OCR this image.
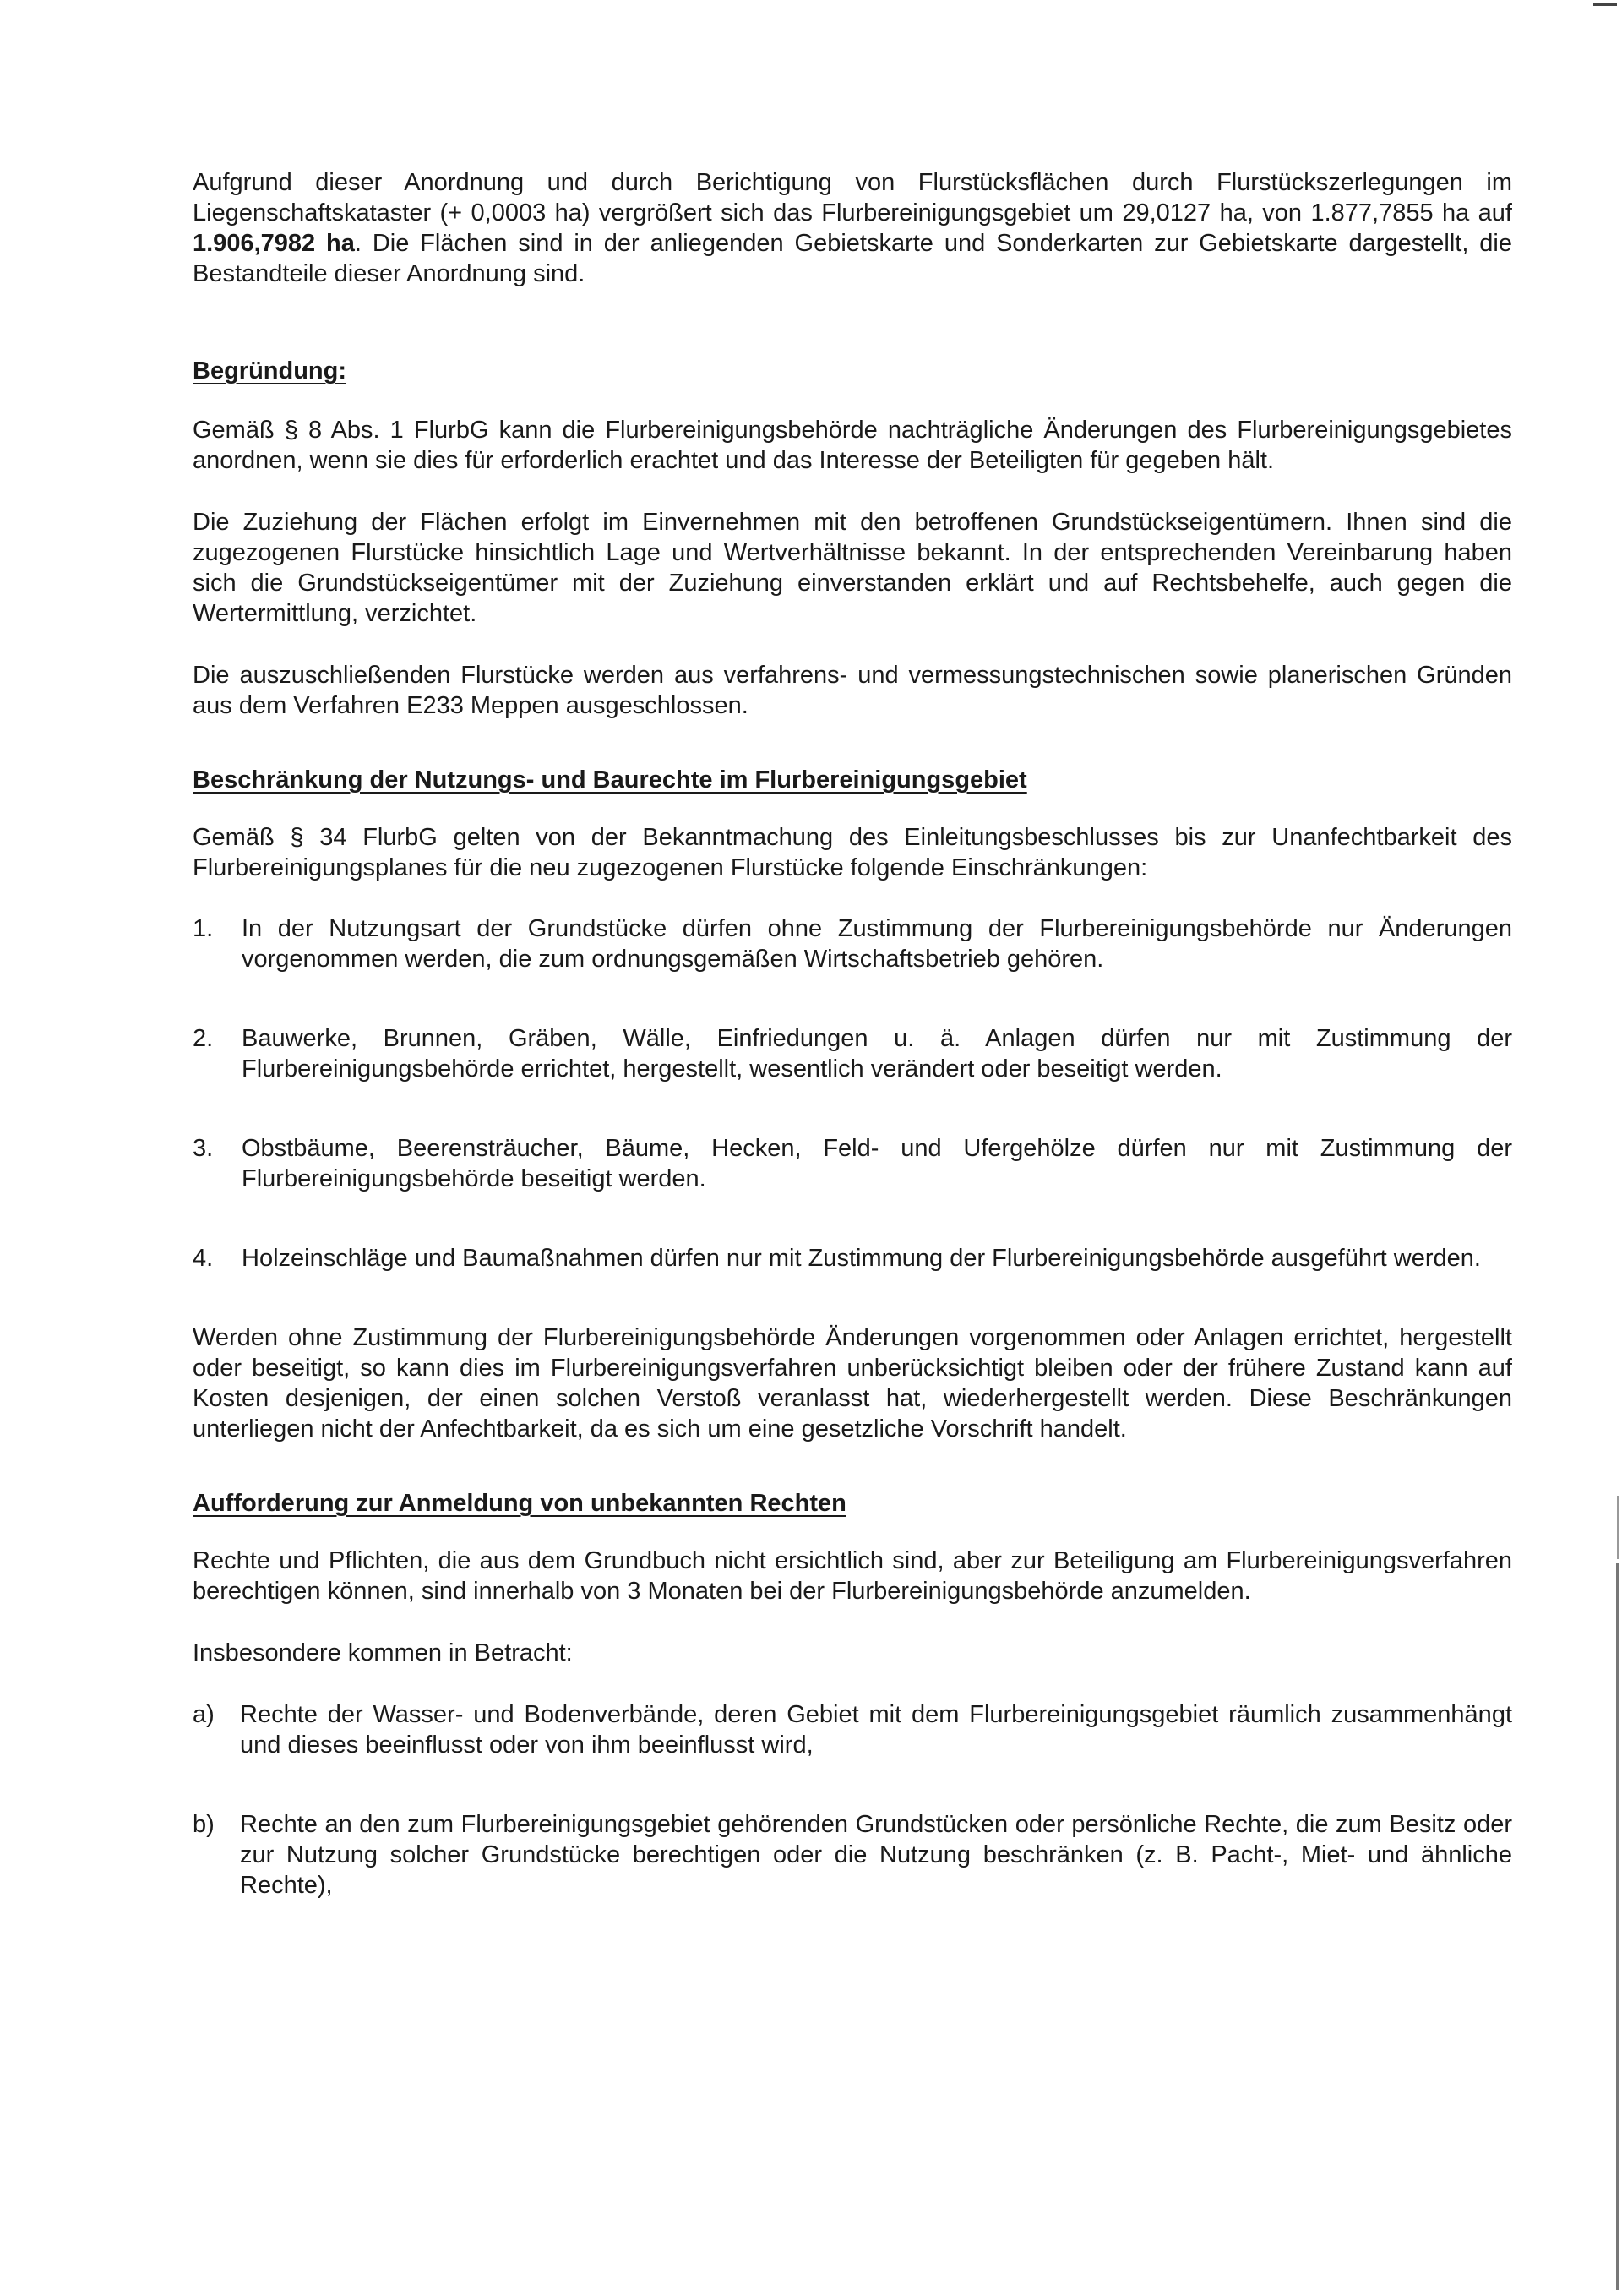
Aufgrund dieser Anordnung und durch Berichtigung von Flurstücksflächen durch Flurstückszerlegungen im Liegenschaftskataster (+ 0,0003 ha) vergrößert sich das Flurbereinigungsgebiet um 29,0127 ha, von 1.877,7855 ha auf 1.906,7982 ha. Die Flächen sind in der anliegenden Gebietskarte und Sonderkarten zur Gebietskarte dargestellt, die Bestandteile dieser Anordnung sind.

Begründung:

Gemäß § 8 Abs. 1 FlurbG kann die Flurbereinigungsbehörde nachträgliche Änderungen des Flurbereinigungsgebietes anordnen, wenn sie dies für erforderlich erachtet und das Interesse der Beteiligten für gegeben hält.

Die Zuziehung der Flächen erfolgt im Einvernehmen mit den betroffenen Grundstückseigentümern. Ihnen sind die zugezogenen Flurstücke hinsichtlich Lage und Wertverhältnisse bekannt. In der entsprechenden Vereinbarung haben sich die Grundstückseigentümer mit der Zuziehung einverstanden erklärt und auf Rechtsbehelfe, auch gegen die Wertermittlung, verzichtet.

Die auszuschließenden Flurstücke werden aus verfahrens- und vermessungstechnischen sowie planerischen Gründen aus dem Verfahren E233 Meppen ausgeschlossen.

Beschränkung der Nutzungs- und Baurechte im Flurbereinigungsgebiet

Gemäß § 34 FlurbG gelten von der Bekanntmachung des Einleitungsbeschlusses bis zur Unanfechtbarkeit des Flurbereinigungsplanes für die neu zugezogenen Flurstücke folgende Einschränkungen:

1.	In der Nutzungsart der Grundstücke dürfen ohne Zustimmung der Flurbereinigungsbehörde nur Änderungen vorgenommen werden, die zum ordnungsgemäßen Wirtschaftsbetrieb gehören.
2.	Bauwerke, Brunnen, Gräben, Wälle, Einfriedungen u. ä. Anlagen dürfen nur mit Zustimmung der Flurbereinigungsbehörde errichtet, hergestellt, wesentlich verändert oder beseitigt werden.
3.	Obstbäume, Beerensträucher, Bäume, Hecken, Feld- und Ufergehölze dürfen nur mit Zustimmung der Flurbereinigungsbehörde beseitigt werden.
4.	Holzeinschläge und Baumaßnahmen dürfen nur mit Zustimmung der Flurbereinigungsbehörde ausgeführt werden.

Werden ohne Zustimmung der Flurbereinigungsbehörde Änderungen vorgenommen oder Anlagen errichtet, hergestellt oder beseitigt, so kann dies im Flurbereinigungsverfahren unberücksichtigt bleiben oder der frühere Zustand kann auf Kosten desjenigen, der einen solchen Verstoß veranlasst hat, wiederhergestellt werden. Diese Beschränkungen unterliegen nicht der Anfechtbarkeit, da es sich um eine gesetzliche Vorschrift handelt.

Aufforderung zur Anmeldung von unbekannten Rechten

Rechte und Pflichten, die aus dem Grundbuch nicht ersichtlich sind, aber zur Beteiligung am Flurbereinigungsverfahren berechtigen können, sind innerhalb von 3 Monaten bei der Flurbereinigungsbehörde anzumelden.

Insbesondere kommen in Betracht:

a)	Rechte der Wasser- und Bodenverbände, deren Gebiet mit dem Flurbereinigungsgebiet räumlich zusammenhängt und dieses beeinflusst oder von ihm beeinflusst wird,
b)	Rechte an den zum Flurbereinigungsgebiet gehörenden Grundstücken oder persönliche Rechte, die zum Besitz oder zur Nutzung solcher Grundstücke berechtigen oder die Nutzung beschränken (z. B. Pacht-, Miet- und ähnliche Rechte),
